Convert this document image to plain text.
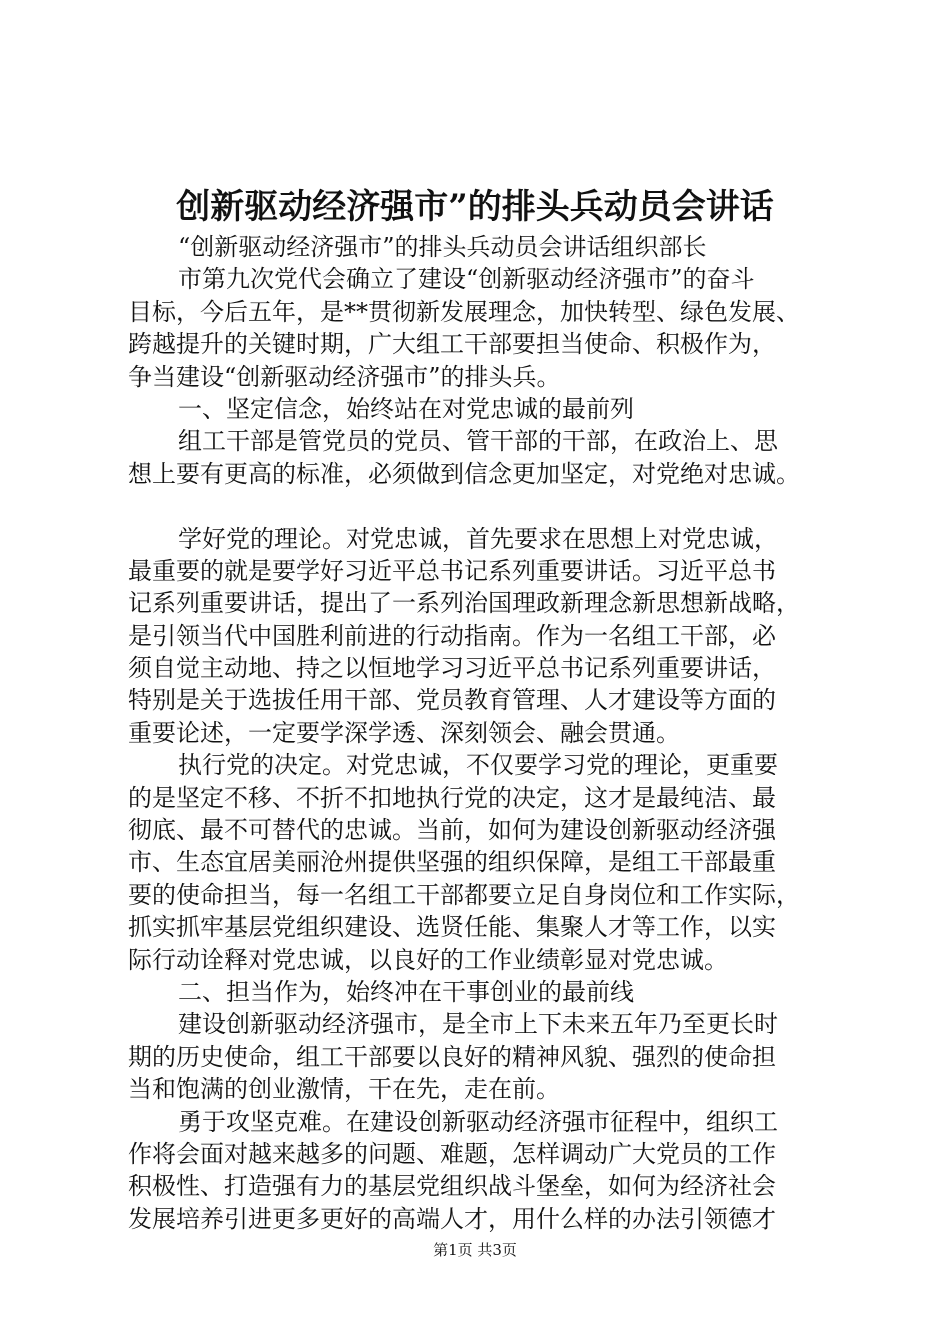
创新驱动经济强市”的排头兵动员会讲话
“创新驱动经济强市”的排头兵动员会讲话组织部长
市第九次党代会确立了建设“创新驱动经济强市”的奋斗
目标，今后五年，是**贯彻新发展理念，加快转型、绿色发展、
跨越提升的关键时期，广大组工干部要担当使命、积极作为，
争当建设“创新驱动经济强市”的排头兵。
一、坚定信念，始终站在对党忠诚的最前列
组工干部是管党员的党员、管干部的干部，在政治上、思
想上要有更高的标准，必须做到信念更加坚定，对党绝对忠诚。
学好党的理论。对党忠诚，首先要求在思想上对党忠诚，
最重要的就是要学好习近平总书记系列重要讲话。习近平总书
记系列重要讲话，提出了一系列治国理政新理念新思想新战略，
是引领当代中国胜利前进的行动指南。作为一名组工干部，必
须自觉主动地、持之以恒地学习习近平总书记系列重要讲话，
特别是关于选拔任用干部、党员教育管理、人才建设等方面的
重要论述，一定要学深学透、深刻领会、融会贯通。
执行党的决定。对党忠诚，不仅要学习党的理论，更重要
的是坚定不移、不折不扣地执行党的决定，这才是最纯洁、最
彻底、最不可替代的忠诚。当前，如何为建设创新驱动经济强
市、生态宜居美丽沧州提供坚强的组织保障，是组工干部最重
要的使命担当，每一名组工干部都要立足自身岗位和工作实际，
抓实抓牢基层党组织建设、选贤任能、集聚人才等工作，以实
际行动诠释对党忠诚，以良好的工作业绩彰显对党忠诚。
二、担当作为，始终冲在干事创业的最前线
建设创新驱动经济强市，是全市上下未来五年乃至更长时
期的历史使命，组工干部要以良好的精神风貌、强烈的使命担
当和饱满的创业激情，干在先，走在前。
勇于攻坚克难。在建设创新驱动经济强市征程中，组织工
作将会面对越来越多的问题、难题，怎样调动广大党员的工作
积极性、打造强有力的基层党组织战斗堡垒，如何为经济社会
发展培养引进更多更好的高端人才，用什么样的办法引领德才
第1页 共3页
